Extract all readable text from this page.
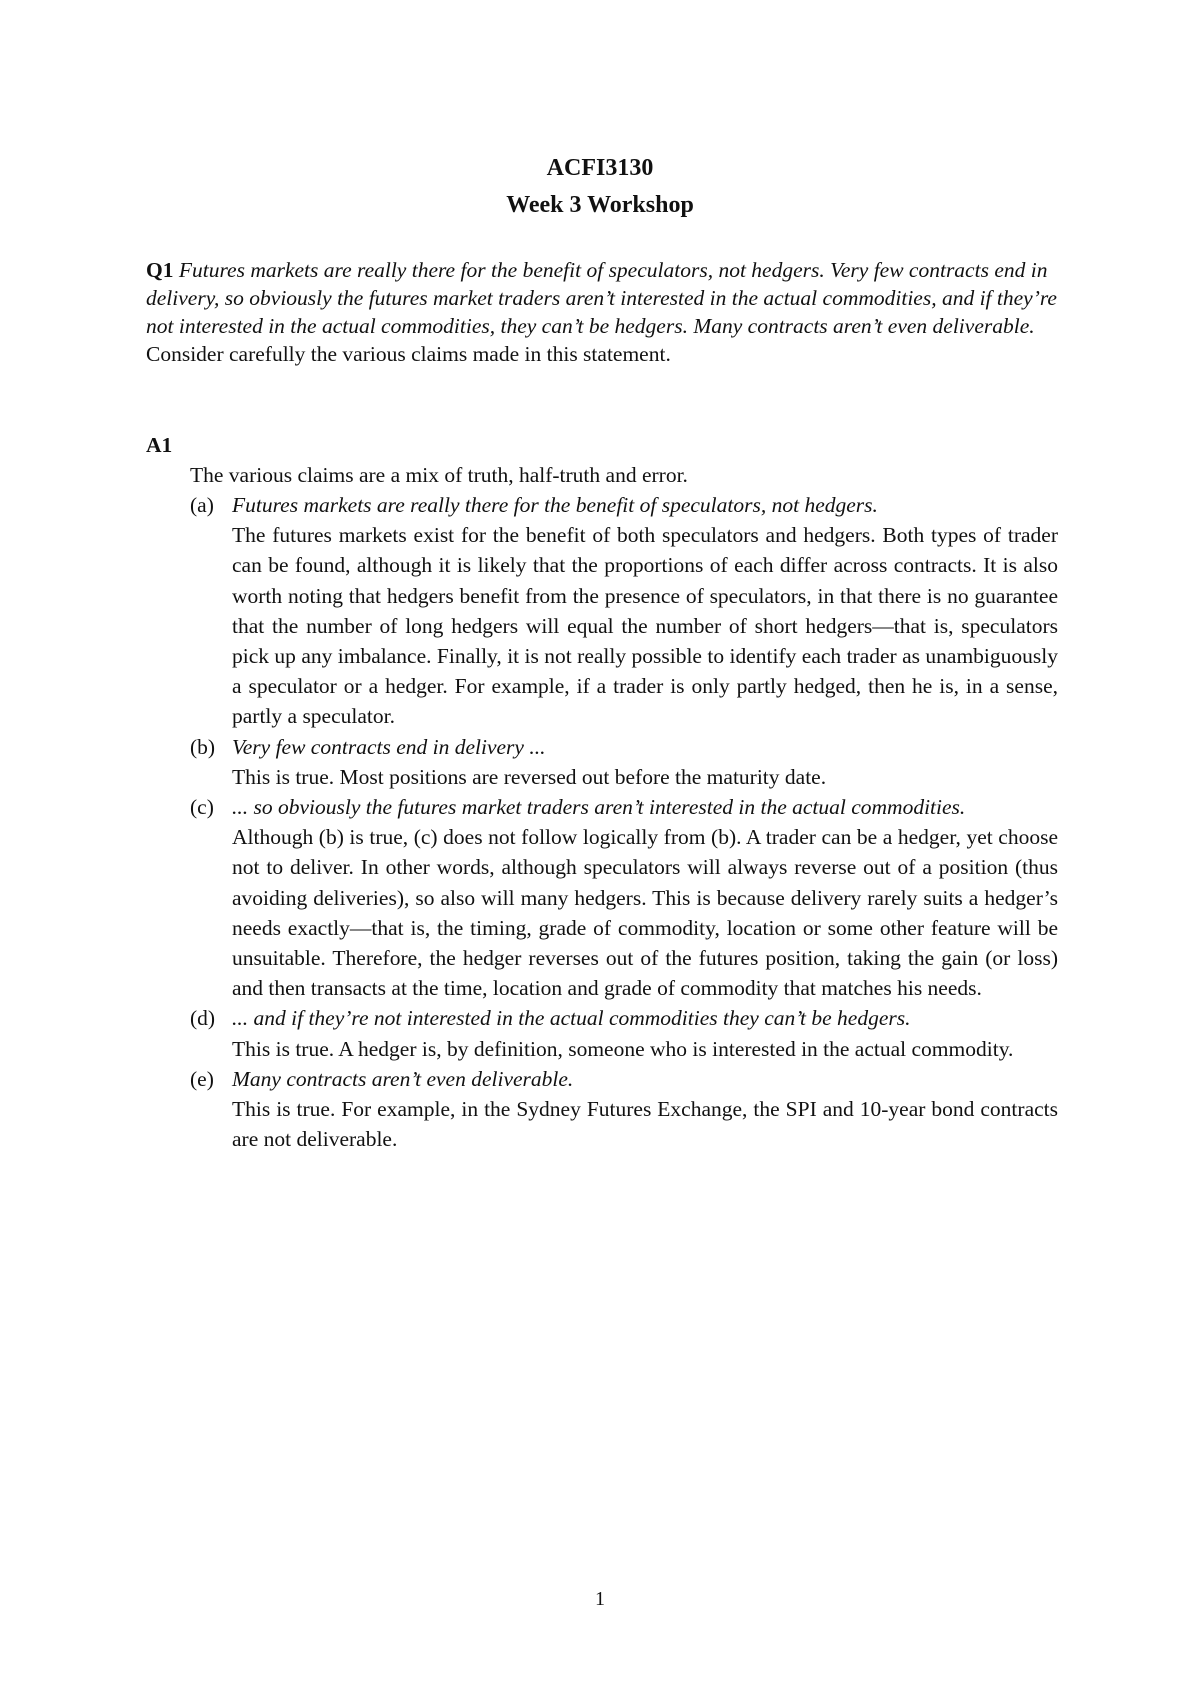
ACFI3130
Week 3 Workshop
Q1 Futures markets are really there for the benefit of speculators, not hedgers. Very few contracts end in delivery, so obviously the futures market traders aren’t interested in the actual commodities, and if they’re not interested in the actual commodities, they can’t be hedgers. Many contracts aren’t even deliverable. Consider carefully the various claims made in this statement.
A1
The various claims are a mix of truth, half-truth and error.
(a) Futures markets are really there for the benefit of speculators, not hedgers.
The futures markets exist for the benefit of both speculators and hedgers. Both types of trader can be found, although it is likely that the proportions of each differ across contracts. It is also worth noting that hedgers benefit from the presence of speculators, in that there is no guarantee that the number of long hedgers will equal the number of short hedgers—that is, speculators pick up any imbalance. Finally, it is not really possible to identify each trader as unambiguously a speculator or a hedger. For example, if a trader is only partly hedged, then he is, in a sense, partly a speculator.
(b) Very few contracts end in delivery ...
This is true. Most positions are reversed out before the maturity date.
(c) ... so obviously the futures market traders aren’t interested in the actual commodities.
Although (b) is true, (c) does not follow logically from (b). A trader can be a hedger, yet choose not to deliver. In other words, although speculators will always reverse out of a position (thus avoiding deliveries), so also will many hedgers. This is because delivery rarely suits a hedger’s needs exactly—that is, the timing, grade of commodity, location or some other feature will be unsuitable. Therefore, the hedger reverses out of the futures position, taking the gain (or loss) and then transacts at the time, location and grade of commodity that matches his needs.
(d) ... and if they’re not interested in the actual commodities they can’t be hedgers.
This is true. A hedger is, by definition, someone who is interested in the actual commodity.
(e) Many contracts aren’t even deliverable.
This is true. For example, in the Sydney Futures Exchange, the SPI and 10-year bond contracts are not deliverable.
1
